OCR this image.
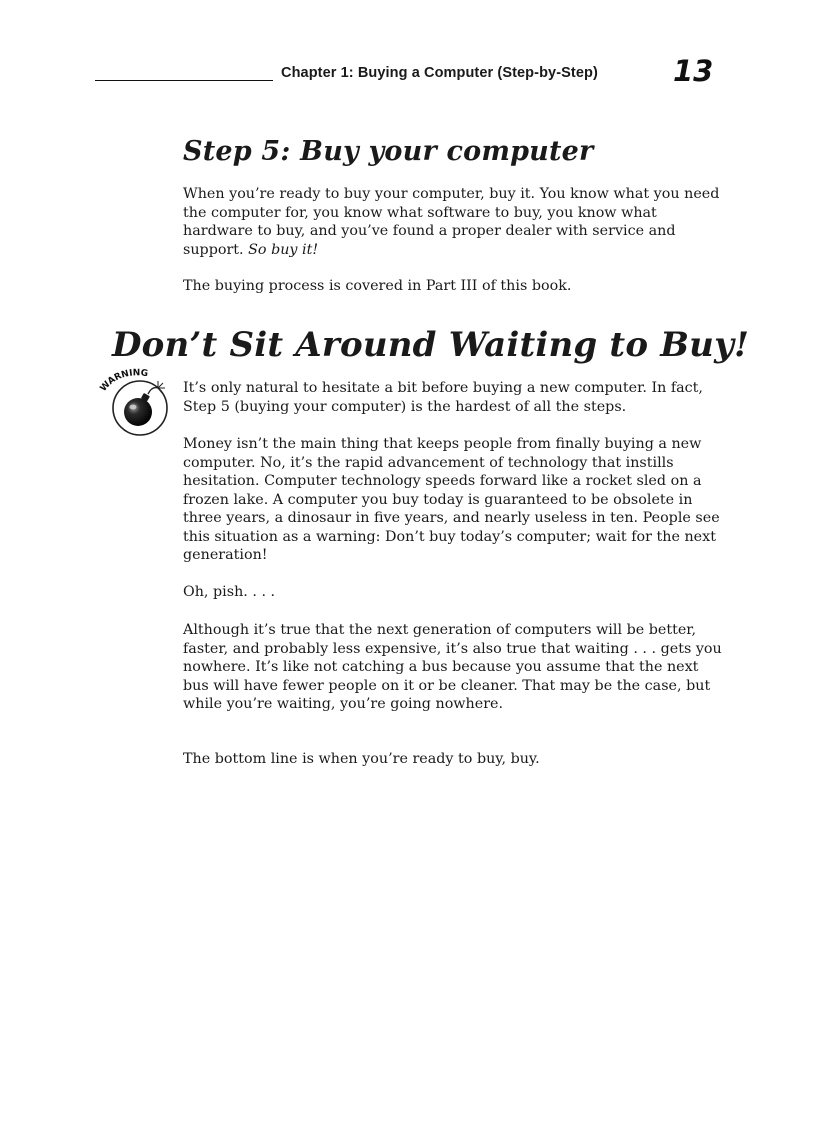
Chapter 1: Buying a Computer (Step-by-Step)	13
Step 5: Buy your computer

When you’re ready to buy your computer, buy it. You know what you need the computer for, you know what software to buy, you know what hardware to buy, and you’ve found a proper dealer with service and support. So buy it!

The buying process is covered in Part III of this book.

Don’t Sit Around Waiting to Buy!
WARNING

It’s only natural to hesitate a bit before buying a new computer. In fact, Step 5 (buying your computer) is the hardest of all the steps.

Money isn’t the main thing that keeps people from finally buying a new computer. No, it’s the rapid advancement of technology that instills hesitation. Computer technology speeds forward like a rocket sled on a frozen lake. A computer you buy today is guaranteed to be obsolete in three years, a dinosaur in five years, and nearly useless in ten. People see this situation as a warning: Don’t buy today’s computer; wait for the next generation!

Oh, pish. . . .

Although it’s true that the next generation of computers will be better, faster, and probably less expensive, it’s also true that waiting . . . gets you nowhere. It’s like not catching a bus because you assume that the next bus will have fewer people on it or be cleaner. That may be the case, but while you’re waiting, you’re going nowhere.

The bottom line is when you’re ready to buy, buy.
